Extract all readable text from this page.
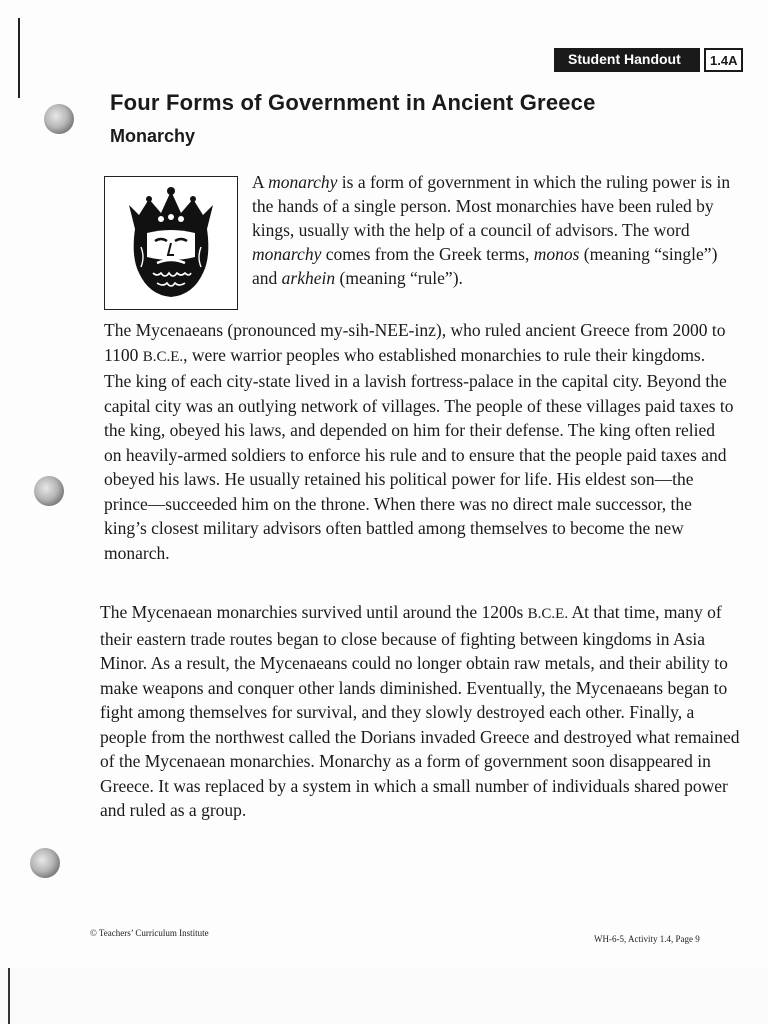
Student Handout	1.4A
Four Forms of Government in Ancient Greece
Monarchy

A monarchy is a form of government in which the ruling power is in the hands of a single person. Most monarchies have been ruled by kings, usually with the help of a council of advisors. The word monarchy comes from the Greek terms, monos (meaning “single”) and arkhein (meaning “rule”).

The Mycenaeans (pronounced my-sih-NEE-inz), who ruled ancient Greece from 2000 to 1100 B.C.E., were warrior peoples who established monarchies to rule their kingdoms. The king of each city-state lived in a lavish fortress-palace in the capital city. Beyond the capital city was an outlying network of villages. The people of these villages paid taxes to the king, obeyed his laws, and depended on him for their defense. The king often relied on heavily-armed soldiers to enforce his rule and to ensure that the people paid taxes and obeyed his laws. He usually retained his political power for life. His eldest son—the prince—succeeded him on the throne. When there was no direct male successor, the king’s closest military advisors often battled among themselves to become the new monarch.

The Mycenaean monarchies survived until around the 1200s B.C.E. At that time, many of their eastern trade routes began to close because of fighting between kingdoms in Asia Minor. As a result, the Mycenaeans could no longer obtain raw metals, and their ability to make weapons and conquer other lands diminished. Eventually, the Mycenaeans began to fight among themselves for survival, and they slowly destroyed each other. Finally, a people from the northwest called the Dorians invaded Greece and destroyed what remained of the Mycenaean monarchies. Monarchy as a form of government soon disappeared in Greece. It was replaced by a system in which a small number of individuals shared power and ruled as a group.

© Teachers’ Curriculum Institute
WH-6-5, Activity 1.4, Page 9
